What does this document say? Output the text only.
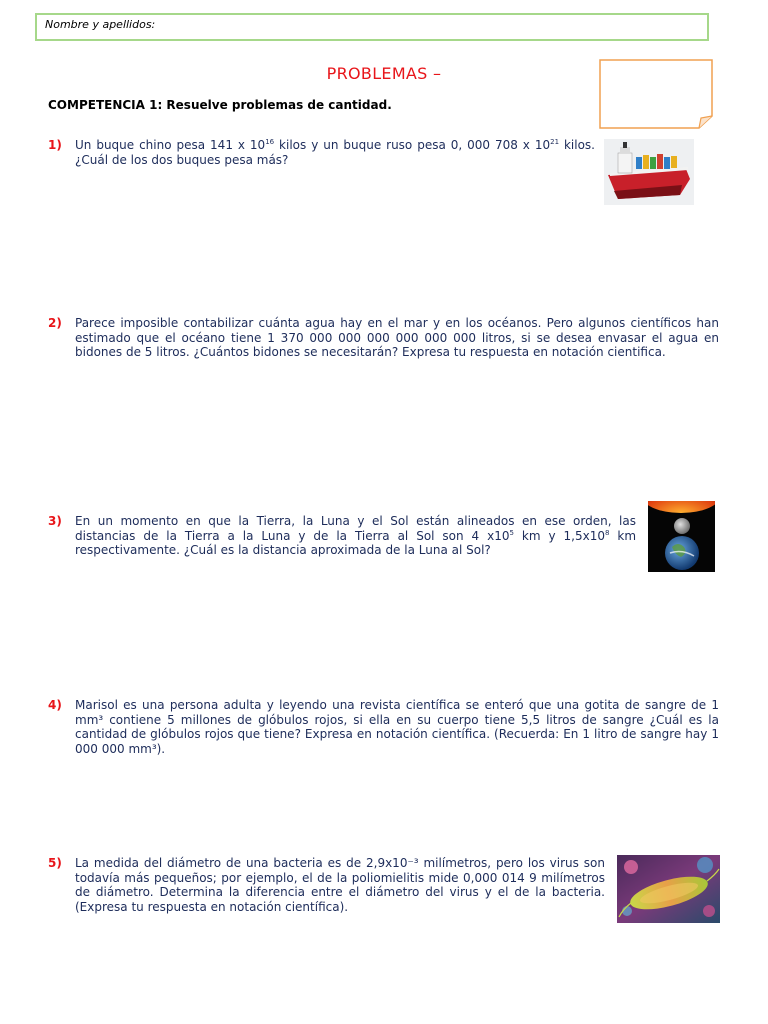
Nombre y apellidos:
PROBLEMAS –
COMPETENCIA 1: Resuelve problemas de cantidad.
1) Un buque chino pesa 141 x $10^{16}$ kilos y un buque ruso pesa 0, 000 708 x $10^{21}$ kilos. ¿Cuál de los dos buques pesa más?
2) Parece imposible contabilizar cuánta agua hay en el mar y en los océanos. Pero algunos científicos han estimado que el océano tiene 1 370 000 000 000 000 000 000 litros, si se desea envasar el agua en bidones de 5 litros. ¿Cuántos bidones se necesitarán? Expresa tu respuesta en notación cientifica.
3) En un momento en que la Tierra, la Luna y el Sol están alineados en ese orden, las distancias de la Tierra a la Luna y de la Tierra al Sol son 4 $x10^5$ km y $1,5x10^8$ km respectivamente. ¿Cuál es la distancia aproximada de la Luna al Sol?
4) Marisol es una persona adulta y leyendo una revista científica se enteró que una gotita de sangre de 1 mm³ contiene 5 millones de glóbulos rojos, si ella en su cuerpo tiene 5,5 litros de sangre ¿Cuál es la cantidad de glóbulos rojos que tiene? Expresa en notación científica. (Recuerda: En 1 litro de sangre hay 1 000 000 mm³).
5) La medida del diámetro de una bacteria es de 2,9x10⁻³ milímetros, pero los virus son todavía más pequeños; por ejemplo, el de la poliomielitis mide 0,000 014 9 milímetros de diámetro. Determina la diferencia entre el diámetro del virus y el de la bacteria. (Expresa tu respuesta en notación científica).
